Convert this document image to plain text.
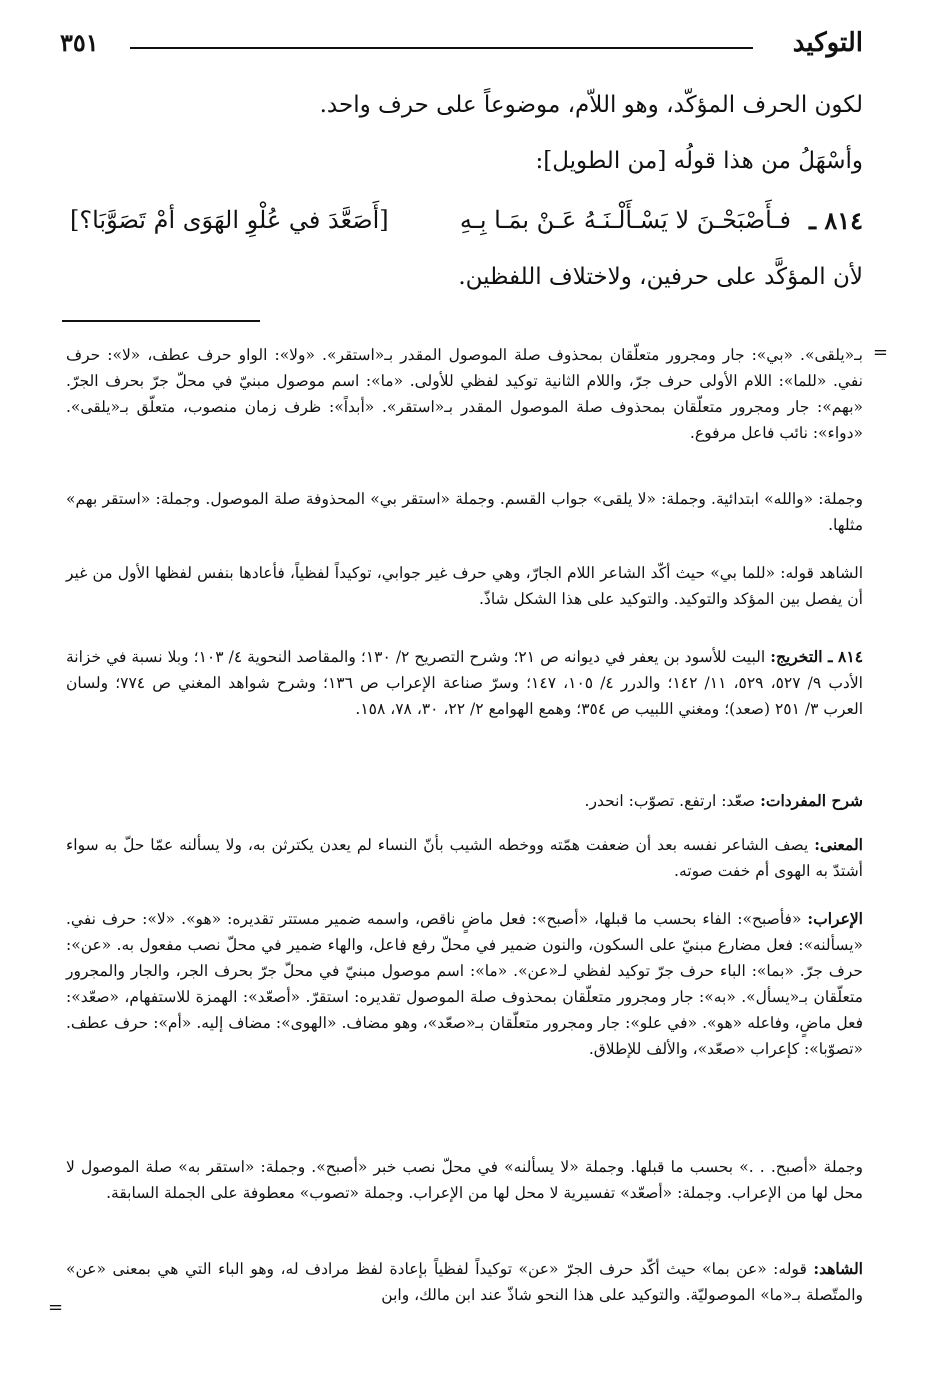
التوكيد
٣٥١
لكون الحرف المؤكّد، وهو اللاّم، موضوعاً على حرف واحد.
وأسْهَلُ من هذا قولُه [من الطويل]:
٨١٤ ـ
فـأَصْبَحْـنَ لا يَسْـأَلْـنَـهُ عَـنْ بمَـا بِـهِ
[أَصَعَّدَ في عُلْوِ الهَوَى أمْ تَصَوَّبَا؟]
لأن المؤكَّد على حرفين، ولاختلاف اللفظين.
=
بـ«يلقى». «بي»: جار ومجرور متعلّقان بمحذوف صلة الموصول المقدر بـ«استقر». «ولا»: الواو حرف عطف، «لا»: حرف نفي. «للما»: اللام الأولى حرف جرّ، واللام الثانية توكيد لفظي للأولى. «ما»: اسم موصول مبنيّ في محلّ جرّ بحرف الجرّ. «بهم»: جار ومجرور متعلّقان بمحذوف صلة الموصول المقدر بـ«استقر». «أبداً»: ظرف زمان منصوب، متعلّق بـ«يلقى». «دواء»: نائب فاعل مرفوع.
وجملة: «والله» ابتدائية. وجملة: «لا يلقى» جواب القسم. وجملة «استقر بي» المحذوفة صلة الموصول. وجملة: «استقر بهم» مثلها.
الشاهد قوله: «للما بي» حيث أكّد الشاعر اللام الجارّ، وهي حرف غير جوابي، توكيداً لفظياً، فأعادها بنفس لفظها الأول من غير أن يفصل بين المؤكد والتوكيد. والتوكيد على هذا الشكل شاذّ.
٨١٤ ـ التخريج: البيت للأسود بن يعفر في ديوانه ص ٢١؛ وشرح التصريح ٢/ ١٣٠؛ والمقاصد النحوية ٤/ ١٠٣؛ وبلا نسبة في خزانة الأدب ٩/ ٥٢٧، ٥٢٩، ١١/ ١٤٢؛ والدرر ٤/ ١٠٥، ١٤٧؛ وسرّ صناعة الإعراب ص ١٣٦؛ وشرح شواهد المغني ص ٧٧٤؛ ولسان العرب ٣/ ٢٥١ (صعد)؛ ومغني اللبيب ص ٣٥٤؛ وهمع الهوامع ٢/ ٢٢، ٣٠، ٧٨، ١٥٨.
شرح المفردات: صعّد: ارتفع. تصوّب: انحدر.
المعنى: يصف الشاعر نفسه بعد أن ضعفت همّته ووخطه الشيب بأنّ النساء لم يعدن يكترثن به، ولا يسألنه عمّا حلّ به سواء أشتدّ به الهوى أم خفت صوته.
الإعراب: «فأصبح»: الفاء بحسب ما قبلها، «أصبح»: فعل ماضٍ ناقص، واسمه ضمير مستتر تقديره: «هو». «لا»: حرف نفي. «يسألنه»: فعل مضارع مبنيّ على السكون، والنون ضمير في محلّ رفع فاعل، والهاء ضمير في محلّ نصب مفعول به. «عن»: حرف جرّ. «بما»: الباء حرف جرّ توكيد لفظي لـ«عن». «ما»: اسم موصول مبنيّ في محلّ جرّ بحرف الجر، والجار والمجرور متعلّقان بـ«يسأل». «به»: جار ومجرور متعلّقان بمحذوف صلة الموصول تقديره: استقرّ. «أصعّد»: الهمزة للاستفهام، «صعّد»: فعل ماضٍ، وفاعله «هو». «في علو»: جار ومجرور متعلّقان بـ«صعّد»، وهو مضاف. «الهوى»: مضاف إليه. «أم»: حرف عطف. «تصوّبا»: كإعراب «صعّد»، والألف للإطلاق.
وجملة «أصبح. . .» بحسب ما قبلها. وجملة «لا يسألنه» في محلّ نصب خبر «أصبح». وجملة: «استقر به» صلة الموصول لا محل لها من الإعراب. وجملة: «أصعّد» تفسيرية لا محل لها من الإعراب. وجملة «تصوب» معطوفة على الجملة السابقة.
الشاهد: قوله: «عن بما» حيث أكّد حرف الجرّ «عن» توكيداً لفظياً بإعادة لفظ مرادف له، وهو الباء التي هي بمعنى «عن» والمتّصلة بـ«ما» الموصوليّة. والتوكيد على هذا النحو شاذّ عند ابن مالك، وابن
=
